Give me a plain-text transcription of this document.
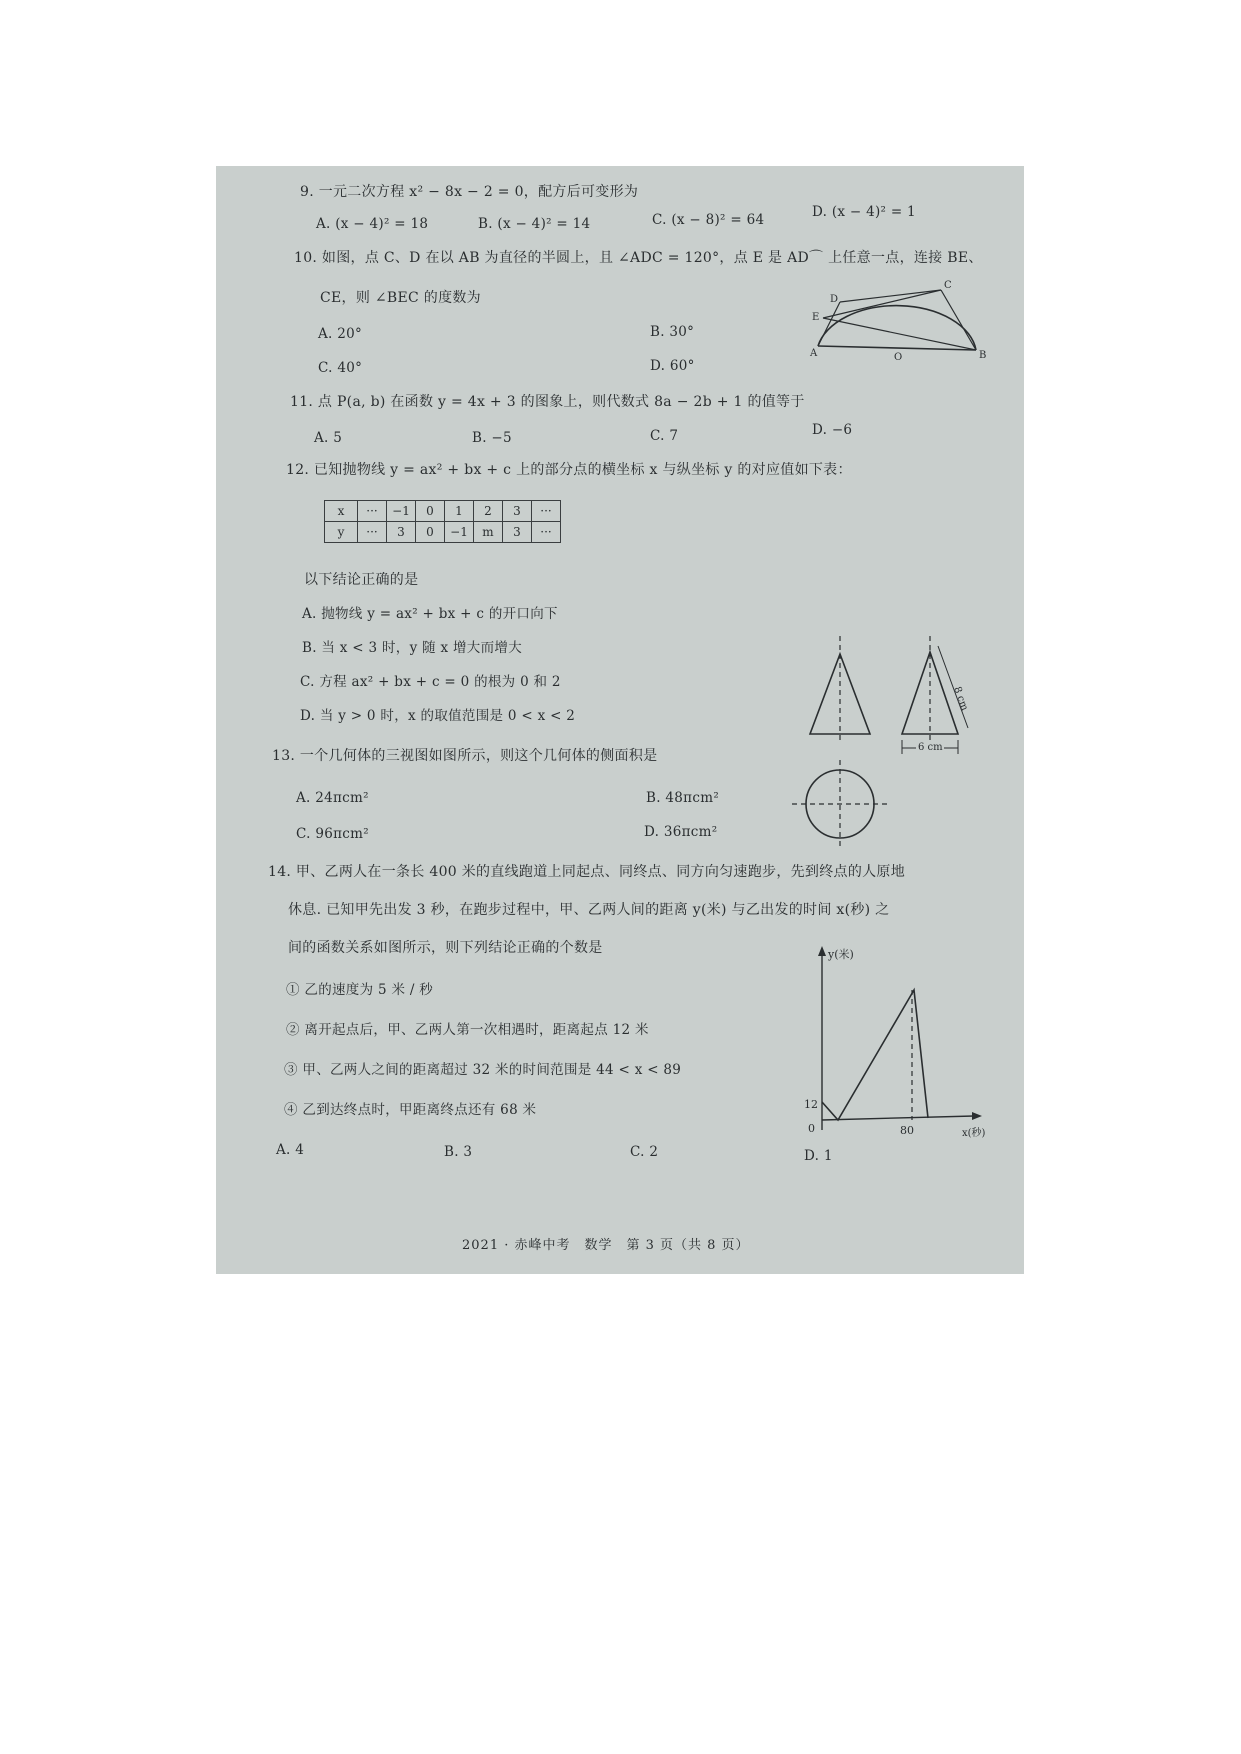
9. 一元二次方程 x² − 8x − 2 = 0，配方后可变形为
A. (x − 4)² = 18	B. (x − 4)² = 14	C. (x − 8)² = 64	D. (x − 4)² = 1
10. 如图，点 C、D 在以 AB 为直径的半圆上，且 ∠ADC = 120°，点 E 是 AD⌒ 上任意一点，连接 BE、
CE，则 ∠BEC 的度数为
A. 20°	B. 30°
C. 40°	D. 60°
D
C
E
A	O	B
11. 点 P(a, b) 在函数 y = 4x + 3 的图象上，则代数式 8a − 2b + 1 的值等于
A. 5	B. −5	C. 7	D. −6
12. 已知抛物线 y = ax² + bx + c 上的部分点的横坐标 x 与纵坐标 y 的对应值如下表：
x	···	−1	0	1	2	3	···
y	···	3	0	−1	m	3	···
以下结论正确的是
A. 抛物线 y = ax² + bx + c 的开口向下
B. 当 x < 3 时，y 随 x 增大而增大
C. 方程 ax² + bx + c = 0 的根为 0 和 2
D. 当 y > 0 时，x 的取值范围是 0 < x < 2
8 cm
6 cm
13. 一个几何体的三视图如图所示，则这个几何体的侧面积是
A. 24πcm²	B. 48πcm²
C. 96πcm²	D. 36πcm²
14. 甲、乙两人在一条长 400 米的直线跑道上同起点、同终点、同方向匀速跑步，先到终点的人原地
休息. 已知甲先出发 3 秒，在跑步过程中，甲、乙两人间的距离 y(米) 与乙出发的时间 x(秒) 之
间的函数关系如图所示，则下列结论正确的个数是
① 乙的速度为 5 米 / 秒
② 离开起点后，甲、乙两人第一次相遇时，距离起点 12 米
③ 甲、乙两人之间的距离超过 32 米的时间范围是 44 < x < 89
④ 乙到达终点时，甲距离终点还有 68 米
A. 4	B. 3	C. 2	D. 1
y(米)
x(秒)
0
12
80
2021 · 赤峰中考　数学　第 3 页（共 8 页）
